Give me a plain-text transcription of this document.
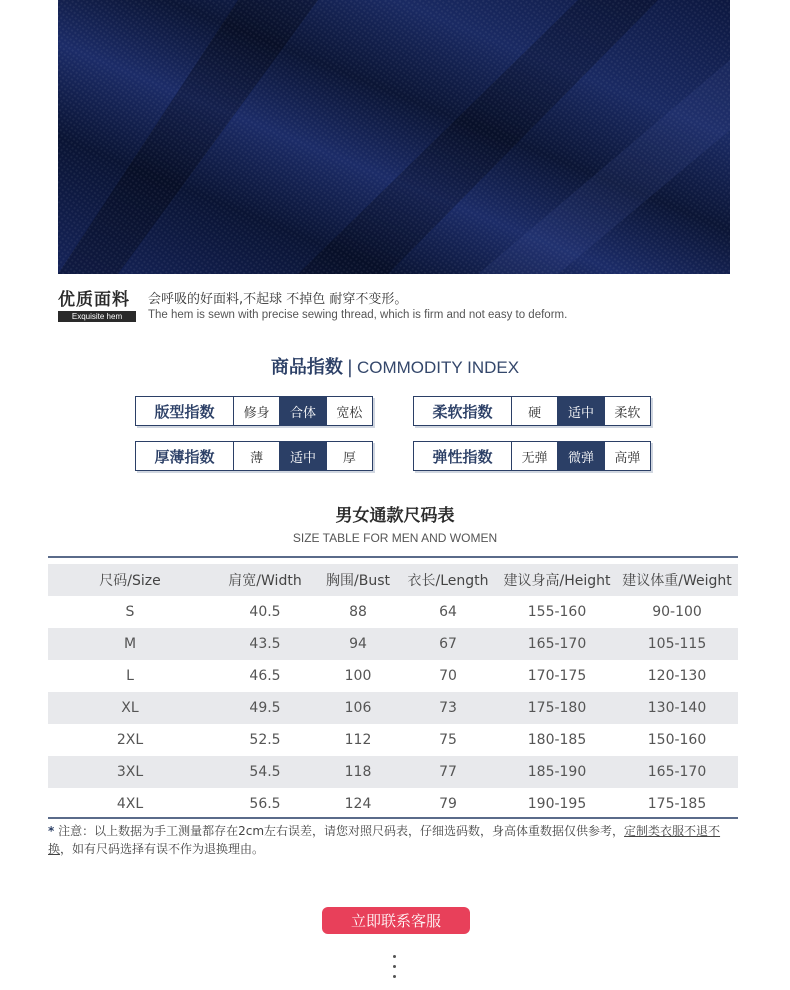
优质面料
Exquisite hem
会呼吸的好面料,不起球 不掉色 耐穿不变形。
The hem is sewn with precise sewing thread, which is firm and not easy to deform.
商品指数 | COMMODITY INDEX
版型指数	修身	合体	宽松	柔软指数	硬	适中	柔软
厚薄指数	薄	适中	厚	弹性指数	无弹	微弹	高弹
男女通款尺码表
SIZE TABLE FOR MEN AND WOMEN
尺码/Size	肩宽/Width	胸围/Bust	衣长/Length	建议身高/Height	建议体重/Weight
S	40.5	88	64	155-160	90-100
M	43.5	94	67	165-170	105-115
L	46.5	100	70	170-175	120-130
XL	49.5	106	73	175-180	130-140
2XL	52.5	112	75	180-185	150-160
3XL	54.5	118	77	185-190	165-170
4XL	56.5	124	79	190-195	175-185
* 注意：以上数据为手工测量都存在2cm左右误差，请您对照尺码表，仔细选码数，身高体重数据仅供参考，定制类衣服不退不换，如有尺码选择有误不作为退换理由。
立即联系客服
